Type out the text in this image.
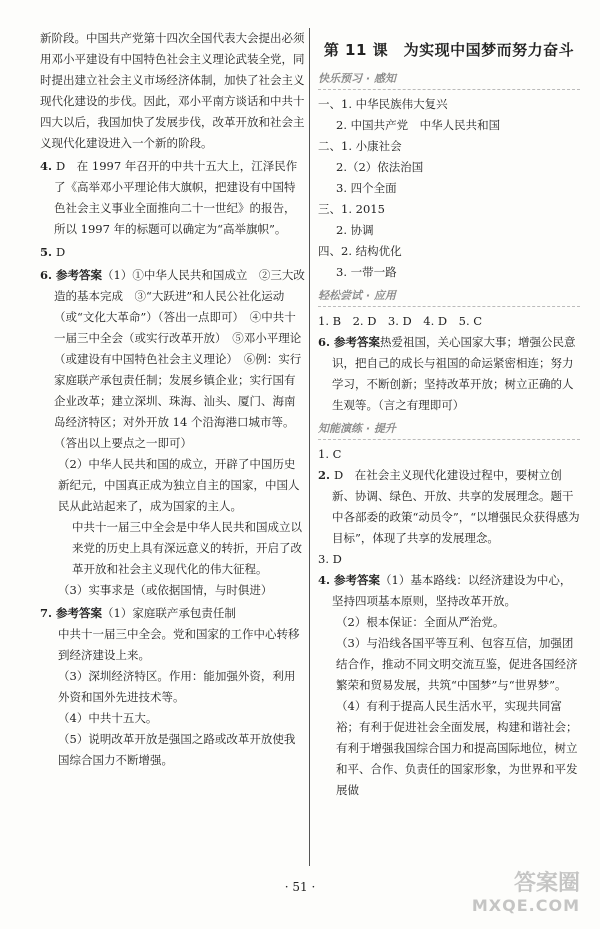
新阶段。中国共产党第十四次全国代表大会提出必须用邓小平建设有中国特色社会主义理论武装全党，同时提出建立社会主义市场经济体制，加快了社会主义现代化建设的步伐。因此，邓小平南方谈话和中共十四大以后，我国加快了发展步伐，改革开放和社会主义现代化建设进入一个新的阶段。

4. D　在 1997 年召开的中共十五大上，江泽民作了《高举邓小平理论伟大旗帜，把建设有中国特色社会主义事业全面推向二十一世纪》的报告，所以 1997 年的标题可以确定为“高举旗帜”。

5. D

6. 参考答案（1）①中华人民共和国成立　②三大改造的基本完成　③“大跃进”和人民公社化运动（或“文化大革命”）（答出一点即可）　④中共十一届三中全会（或实行改革开放）　⑤邓小平理论（或建设有中国特色社会主义理论）　⑥例：实行家庭联产承包责任制；发展乡镇企业；实行国有企业改革；建立深圳、珠海、汕头、厦门、海南岛经济特区；对外开放 14 个沿海港口城市等。（答出以上要点之一即可）

（2）中华人民共和国的成立，开辟了中国历史新纪元，中国真正成为独立自主的国家，中国人民从此站起来了，成为国家的主人。

中共十一届三中全会是中华人民共和国成立以来党的历史上具有深远意义的转折，开启了改革开放和社会主义现代化的伟大征程。

（3）实事求是（或依据国情，与时俱进）

7. 参考答案（1）家庭联产承包责任制

中共十一届三中全会。党和国家的工作中心转移到经济建设上来。

（3）深圳经济特区。作用：能加强外资，利用外资和国外先进技术等。

（4）中共十五大。

（5）说明改革开放是强国之路或改革开放使我国综合国力不断增强。

第 11 课　为实现中国梦而努力奋斗
快乐预习 · 感知

一、1. 中华民族伟大复兴

2. 中国共产党　中华人民共和国

二、1. 小康社会

2.（2）依法治国

3. 四个全面

三、1. 2015

2. 协调

四、2. 结构优化

3. 一带一路

轻松尝试 · 应用

1. B　2. D　3. D　4. D　5. C

6. 参考答案热爱祖国，关心国家大事；增强公民意识，把自己的成长与祖国的命运紧密相连；努力学习，不断创新；坚持改革开放；树立正确的人生观等。（言之有理即可）

知能演练 · 提升

1. C

2. D　在社会主义现代化建设过程中，要树立创新、协调、绿色、开放、共享的发展理念。题干中各部委的政策“动员令”，“以增强民众获得感为目标”，体现了共享的发展理念。

3. D

4. 参考答案（1）基本路线：以经济建设为中心，坚持四项基本原则，坚持改革开放。

（2）根本保证：全面从严治党。

（3）与沿线各国平等互利、包容互信，加强团结合作，推动不同文明交流互鉴，促进各国经济繁荣和贸易发展，共筑“中国梦”与“世界梦”。

（4）有利于提高人民生活水平，实现共同富裕；有利于促进社会全面发展，构建和谐社会；有利于增强我国综合国力和提高国际地位，树立和平、合作、负责任的国家形象，为世界和平发展做

· 51 ·	答案圈
MXQE.COM
